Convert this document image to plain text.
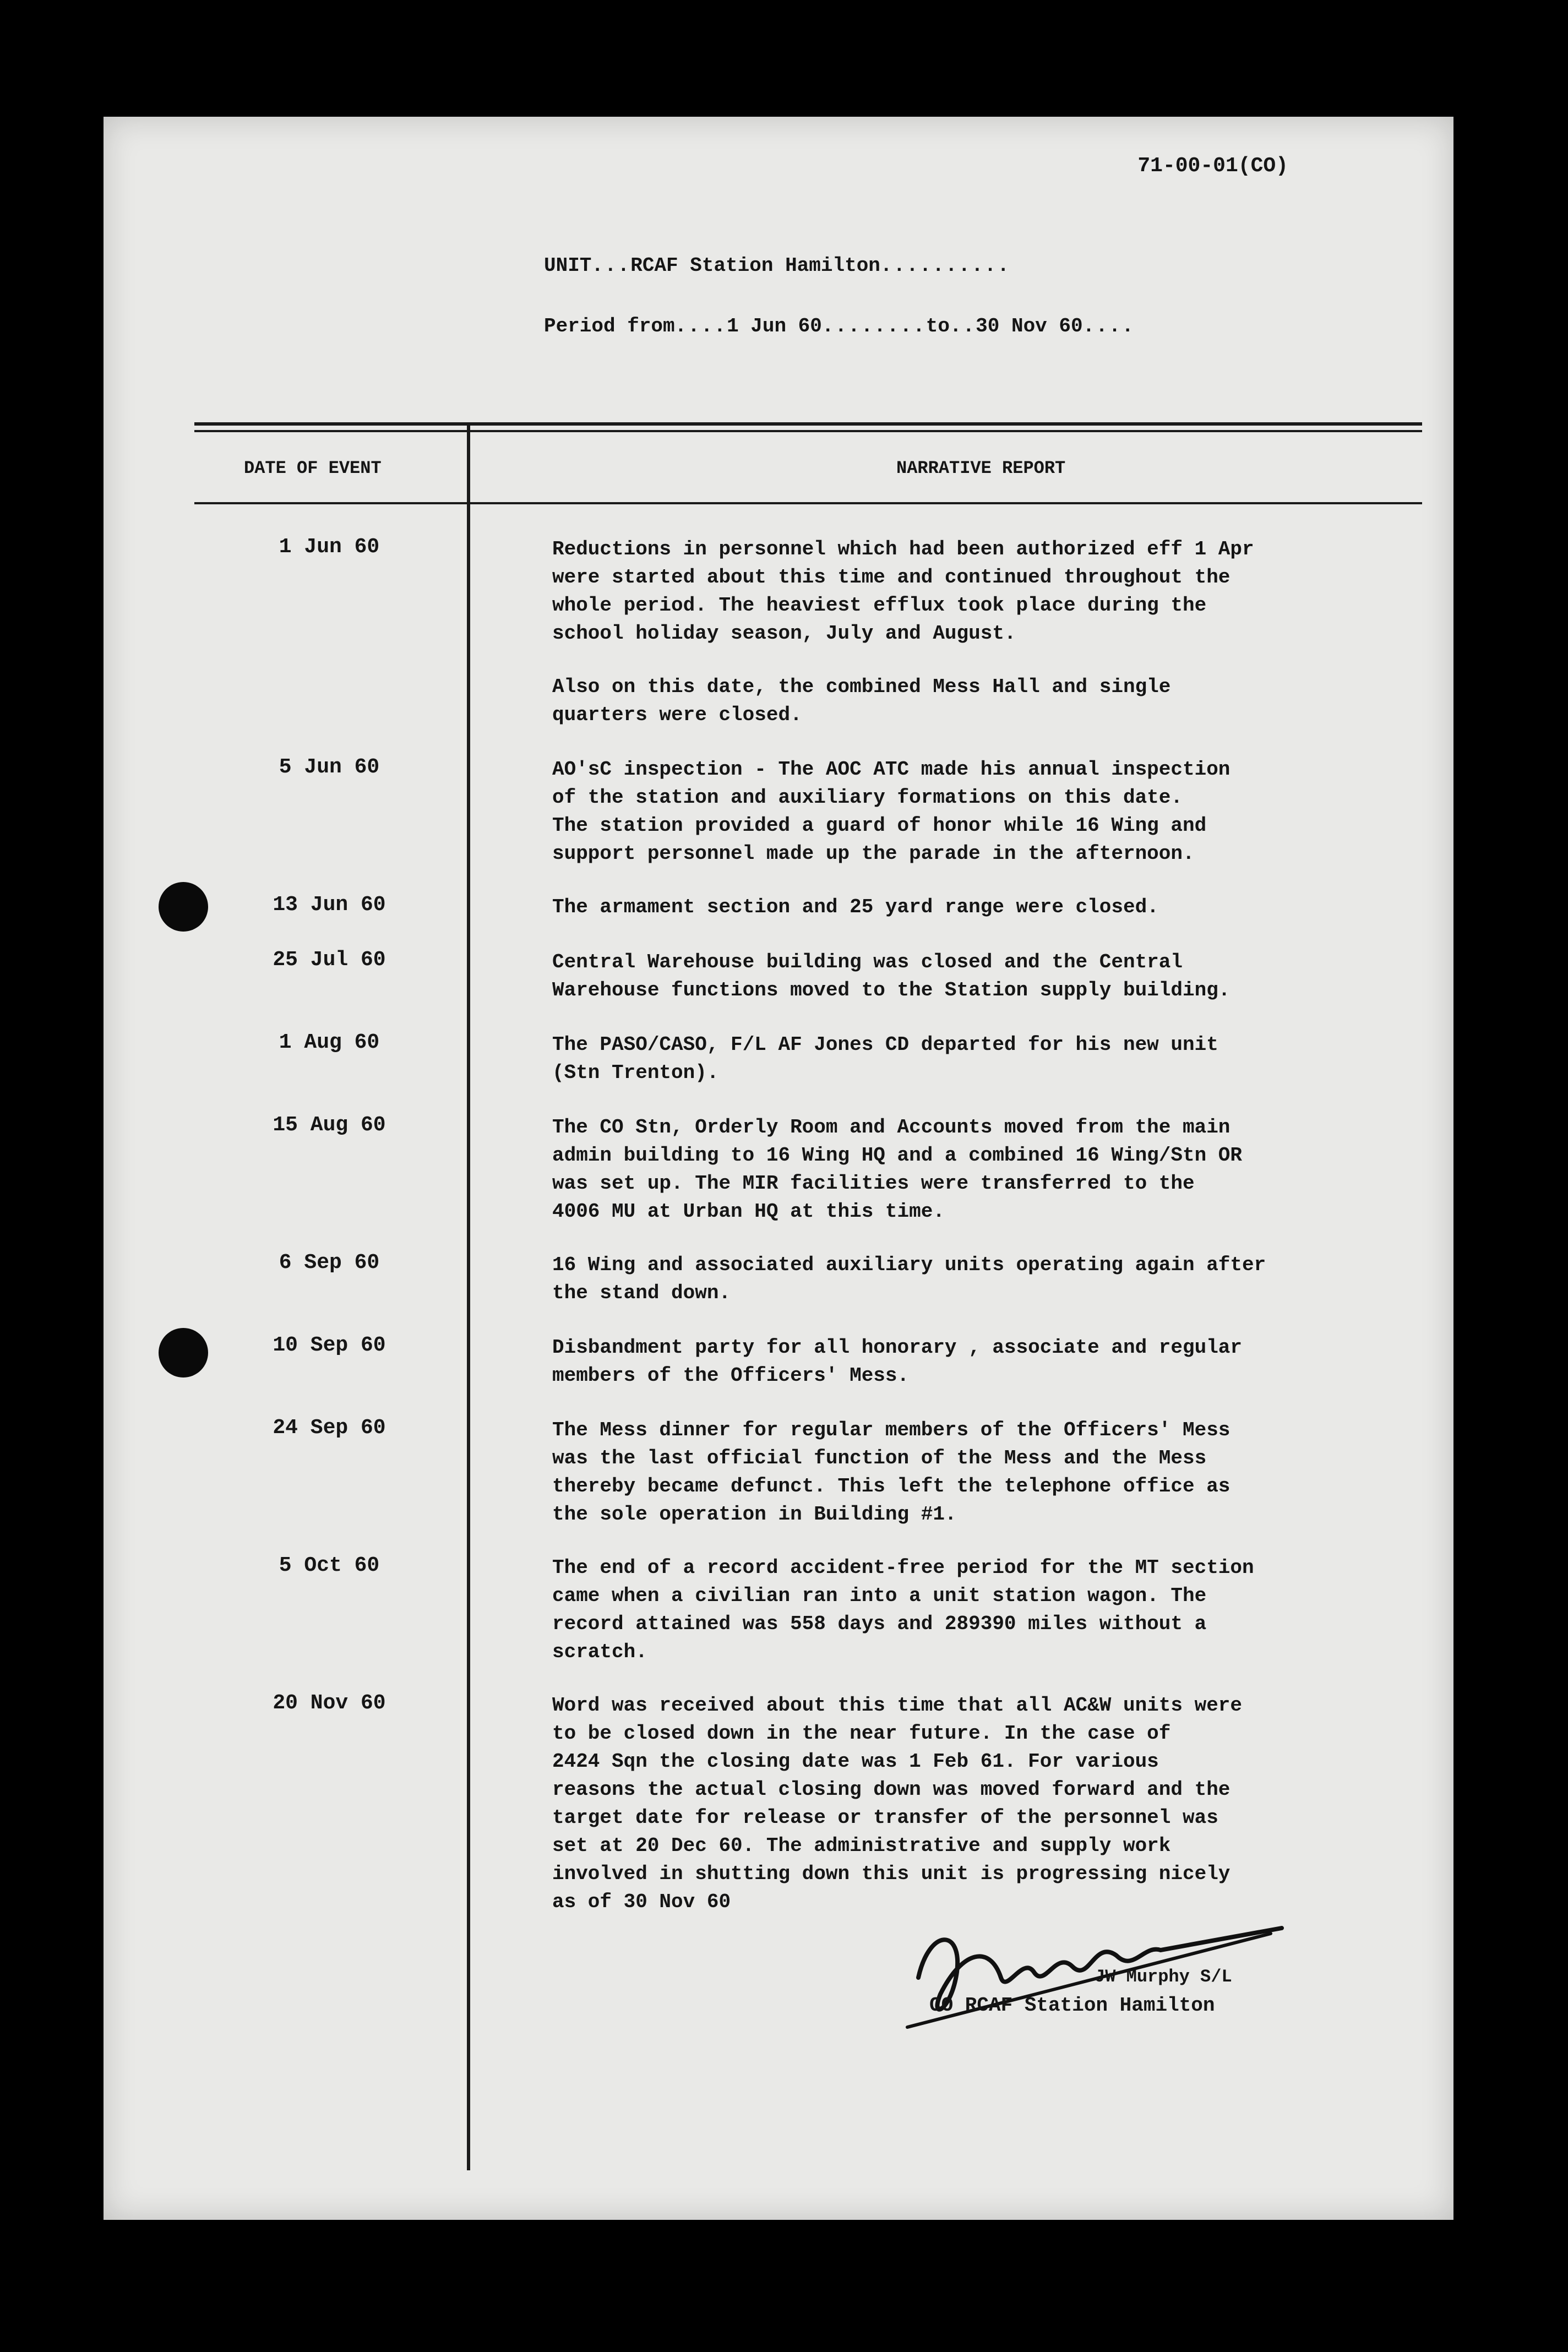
71-00-01(CO)
UNIT...RCAF Station Hamilton..........
Period from....1 Jun 60........to..30 Nov 60....
DATE OF EVENT	NARRATIVE REPORT
1 Jun 60	Reductions in personnel which had been authorized eff 1 Apr
were started about this time and continued throughout the
whole period. The heaviest efflux took place during the
school holiday season, July and August.
Also on this date, the combined Mess Hall and single
quarters were closed.
5 Jun 60	AO'sC inspection - The AOC ATC made his annual inspection
of the station and auxiliary formations on this date.
The station provided a guard of honor while 16 Wing and
support personnel made up the parade in the afternoon.
13 Jun 60	The armament section and 25 yard range were closed.
25 Jul 60	Central Warehouse building was closed and the Central
Warehouse functions moved to the Station supply building.
1 Aug 60	The PASO/CASO, F/L AF Jones CD departed for his new unit
(Stn Trenton).
15 Aug 60	The CO Stn, Orderly Room and Accounts moved from the main
admin building to 16 Wing HQ and a combined 16 Wing/Stn OR
was set up. The MIR facilities were transferred to the
4006 MU at Urban HQ at this time.
6 Sep 60	16 Wing and associated auxiliary units operating again after
the stand down.
10 Sep 60	Disbandment party for all honorary , associate and regular
members of the Officers' Mess.
24 Sep 60	The Mess dinner for regular members of the Officers' Mess
was the last official function of the Mess and the Mess
thereby became defunct. This left the telephone office as
the sole operation in Building #1.
5 Oct 60	The end of a record accident-free period for the MT section
came when a civilian ran into a unit station wagon. The
record attained was 558 days and 289390 miles without a
scratch.
20 Nov 60	Word was received about this time that all AC&W units were
to be closed down in the near future. In the case of
2424 Sqn the closing date was 1 Feb 61. For various
reasons the actual closing down was moved forward and the
target date for release or transfer of the personnel was
set at 20 Dec 60. The administrative and supply work
involved in shutting down this unit is progressing nicely
as of 30 Nov 60
JW Murphy S/L
CO RCAF Station Hamilton
